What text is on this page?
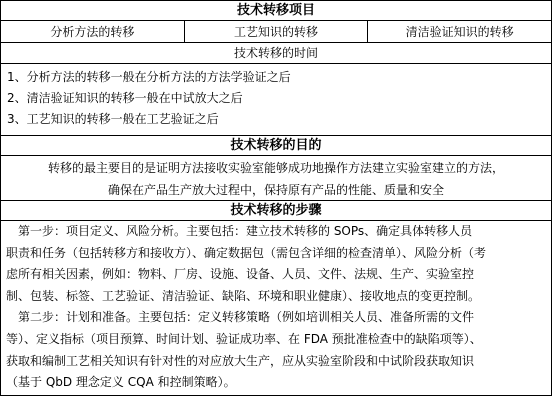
技术转移项目
分析方法的转移	工艺知识的转移	清洁验证知识的转移
技术转移的时间
1、分析方法的转移一般在分析方法的方法学验证之后
2、清洁验证知识的转移一般在中试放大之后
3、工艺知识的转移一般在工艺验证之后
技术转移的目的
转移的最主要目的是证明方法接收实验室能够成功地操作方法建立实验室建立的方法，
确保在产品生产放大过程中，保持原有产品的性能、质量和安全
技术转移的步骤
第一步：项目定义、风险分析。主要包括：建立技术转移的 SOPs、确定具体转移人员
职责和任务（包括转移方和接收方）、确定数据包（需包含详细的检查清单）、风险分析（考
虑所有相关因素，例如：物料、厂房、设施、设备、人员、文件、法规、生产、实验室控
制、包装、标签、工艺验证、清洁验证、缺陷、环境和职业健康）、接收地点的变更控制。
第二步：计划和准备。主要包括：定义转移策略（例如培训相关人员、准备所需的文件
等）、定义指标（项目预算、时间计划、验证成功率、在 FDA 预批准检查中的缺陷项等）、
获取和编制工艺相关知识有针对性的对应放大生产，应从实验室阶段和中试阶段获取知识
（基于 QbD 理念定义 CQA 和控制策略）。
